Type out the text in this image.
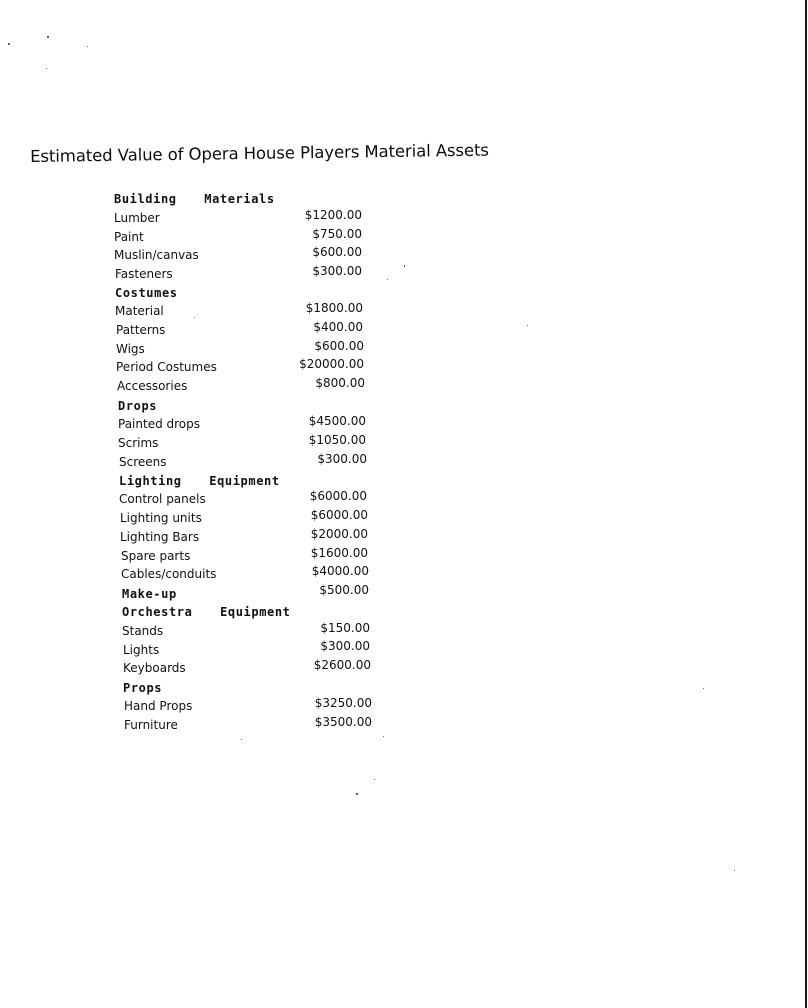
Estimated Value of Opera House Players Material Assets
Building  Materials
Lumber	$1200.00
Paint	$750.00
Muslin/canvas	$600.00
Fasteners	$300.00
Costumes
Material	$1800.00
Patterns	$400.00
Wigs	$600.00
Period Costumes	$20000.00
Accessories	$800.00
Drops
Painted drops	$4500.00
Scrims	$1050.00
Screens	$300.00
Lighting  Equipment
Control panels	$6000.00
Lighting units	$6000.00
Lighting Bars	$2000.00
Spare parts	$1600.00
Cables/conduits	$4000.00
Make-up	$500.00
Orchestra  Equipment
Stands	$150.00
Lights	$300.00
Keyboards	$2600.00
Props
Hand Props	$3250.00
Furniture	$3500.00
